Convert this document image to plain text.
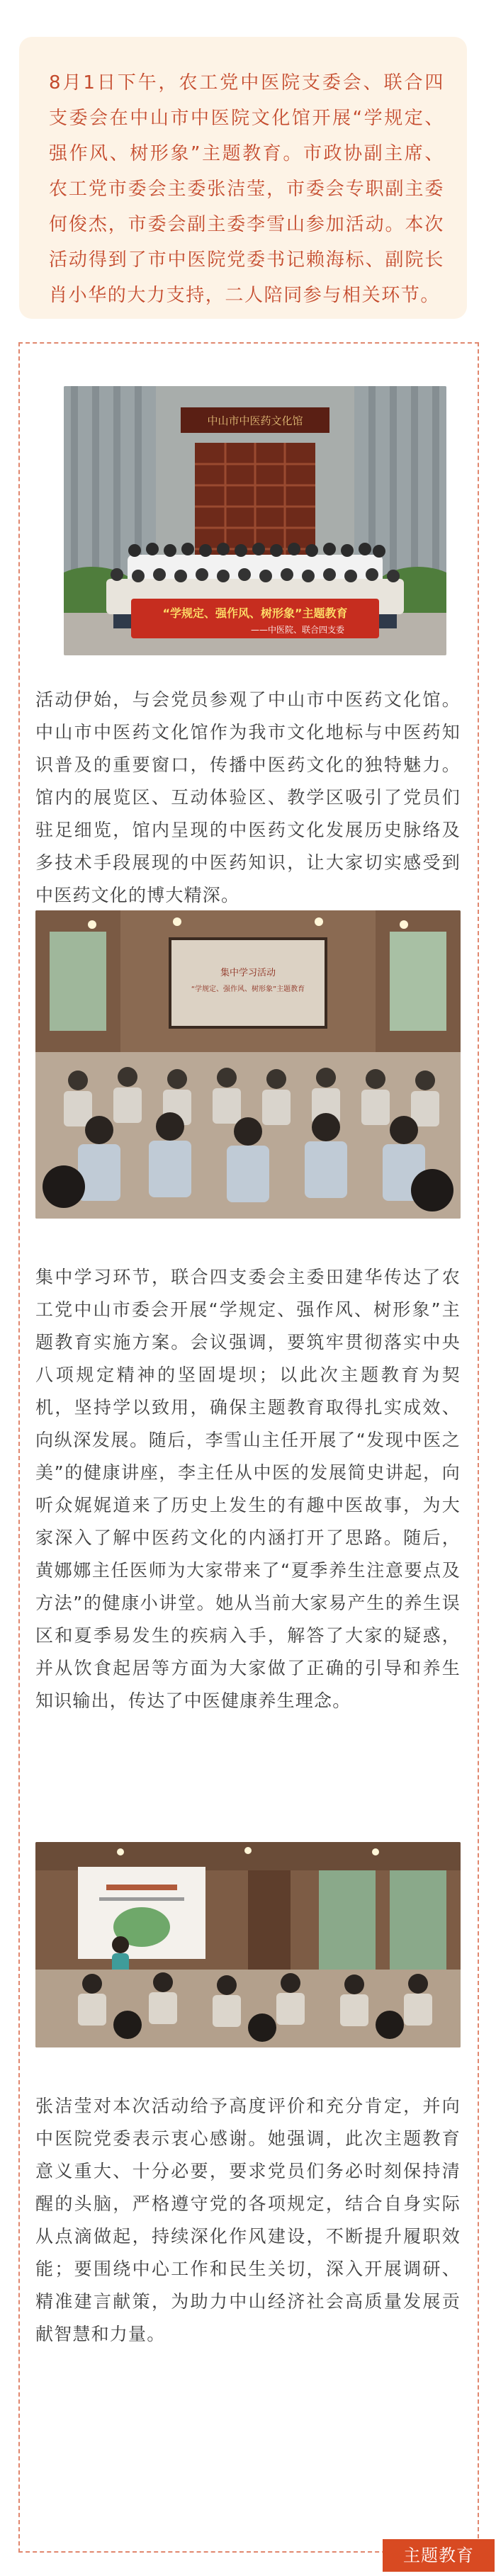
8月1日下午，农工党中医院支委会、联合四支委会在中山市中医院文化馆开展“学规定、强作风、树形象”主题教育。市政协副主席、农工党市委会主委张洁莹，市委会专职副主委何俊杰，市委会副主委李雪山参加活动。本次活动得到了市中医院党委书记赖海标、副院长肖小华的大力支持，二人陪同参与相关环节。

中山市中医药文化馆
“学规定、强作风、树形象”主题教育
——中医院、联合四支委

活动伊始，与会党员参观了中山市中医药文化馆。中山市中医药文化馆作为我市文化地标与中医药知识普及的重要窗口，传播中医药文化的独特魅力。馆内的展览区、互动体验区、教学区吸引了党员们驻足细览，馆内呈现的中医药文化发展历史脉络及多技术手段展现的中医药知识，让大家切实感受到中医药文化的博大精深。

集中学习活动
“学规定、强作风、树形象”主题教育

集中学习环节，联合四支委会主委田建华传达了农工党中山市委会开展“学规定、强作风、树形象”主题教育实施方案。会议强调，要筑牢贯彻落实中央八项规定精神的坚固堤坝；以此次主题教育为契机，坚持学以致用，确保主题教育取得扎实成效、向纵深发展。随后，李雪山主任开展了“发现中医之美”的健康讲座，李主任从中医的发展简史讲起，向听众娓娓道来了历史上发生的有趣中医故事，为大家深入了解中医药文化的内涵打开了思路。随后，黄娜娜主任医师为大家带来了“夏季养生注意要点及方法”的健康小讲堂。她从当前大家易产生的养生误区和夏季易发生的疾病入手，解答了大家的疑惑，并从饮食起居等方面为大家做了正确的引导和养生知识输出，传达了中医健康养生理念。

张洁莹对本次活动给予高度评价和充分肯定，并向中医院党委表示衷心感谢。她强调，此次主题教育意义重大、十分必要，要求党员们务必时刻保持清醒的头脑，严格遵守党的各项规定，结合自身实际从点滴做起，持续深化作风建设，不断提升履职效能；要围绕中心工作和民生关切，深入开展调研、精准建言献策，为助力中山经济社会高质量发展贡献智慧和力量。

主题教育
